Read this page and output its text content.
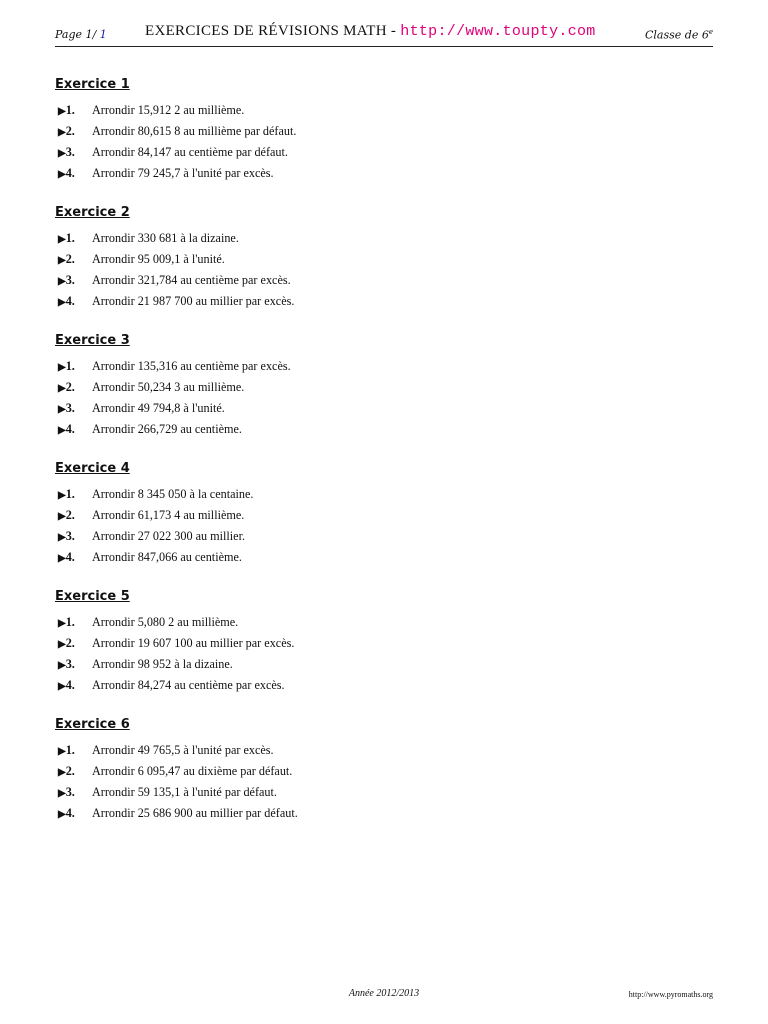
Page 1/ 1	EXERCICES DE RÉVISIONS MATH - http://www.toupty.com	Classe de 6e
Exercice 1
▶1. Arrondir 15,912 2 au millième.
▶2. Arrondir 80,615 8 au millième par défaut.
▶3. Arrondir 84,147 au centième par défaut.
▶4. Arrondir 79 245,7 à l'unité par excès.
Exercice 2
▶1. Arrondir 330 681 à la dizaine.
▶2. Arrondir 95 009,1 à l'unité.
▶3. Arrondir 321,784 au centième par excès.
▶4. Arrondir 21 987 700 au millier par excès.
Exercice 3
▶1. Arrondir 135,316 au centième par excès.
▶2. Arrondir 50,234 3 au millième.
▶3. Arrondir 49 794,8 à l'unité.
▶4. Arrondir 266,729 au centième.
Exercice 4
▶1. Arrondir 8 345 050 à la centaine.
▶2. Arrondir 61,173 4 au millième.
▶3. Arrondir 27 022 300 au millier.
▶4. Arrondir 847,066 au centième.
Exercice 5
▶1. Arrondir 5,080 2 au millième.
▶2. Arrondir 19 607 100 au millier par excès.
▶3. Arrondir 98 952 à la dizaine.
▶4. Arrondir 84,274 au centième par excès.
Exercice 6
▶1. Arrondir 49 765,5 à l'unité par excès.
▶2. Arrondir 6 095,47 au dixième par défaut.
▶3. Arrondir 59 135,1 à l'unité par défaut.
▶4. Arrondir 25 686 900 au millier par défaut.
Année 2012/2013	http://www.pyromaths.org
